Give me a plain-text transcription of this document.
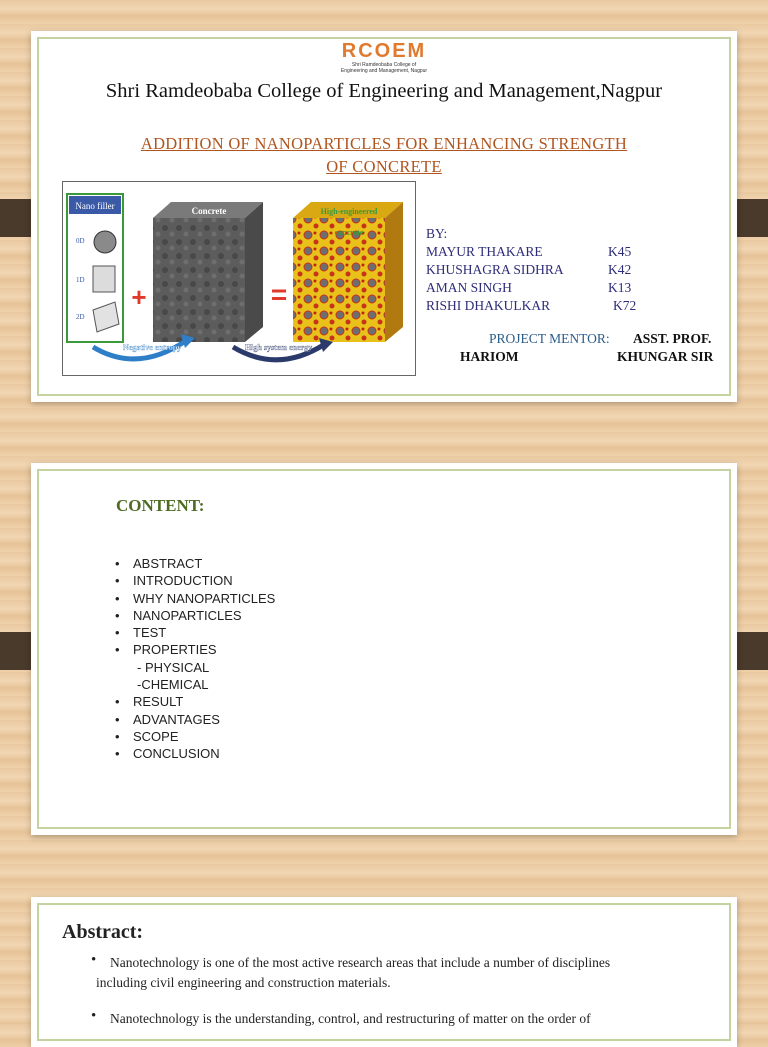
RCOEM
Shri Ramdeobaba College of
Engineering and Management, Nagpur
Shri Ramdeobaba College of Engineering and Management,Nagpur
ADDITION OF NANOPARTICLES FOR ENHANCING STRENGTH
OF CONCRETE
Nano filler
0D
1D
2D
+
Concrete
=
High-engineered
concrete
Negative entropy	High system energy
BY:
MAYUR THAKARE	K45
KHUSHAGRA SIDHRA	K42
AMAN SINGH	K13
RISHI DHAKULKAR	K72
PROJECT MENTOR: ASST. PROF.
HARIOM	KHUNGAR SIR
CONTENT:
• ABSTRACT
• INTRODUCTION
• WHY NANOPARTICLES
• NANOPARTICLES
• TEST
• PROPERTIES
- PHYSICAL
-CHEMICAL
• RESULT
• ADVANTAGES
• SCOPE
• CONCLUSION
Abstract:
•	Nanotechnology is one of the most active research areas that include a number of disciplines
including civil engineering and construction materials.
•	Nanotechnology is the understanding, control, and restructuring of matter on the order of
